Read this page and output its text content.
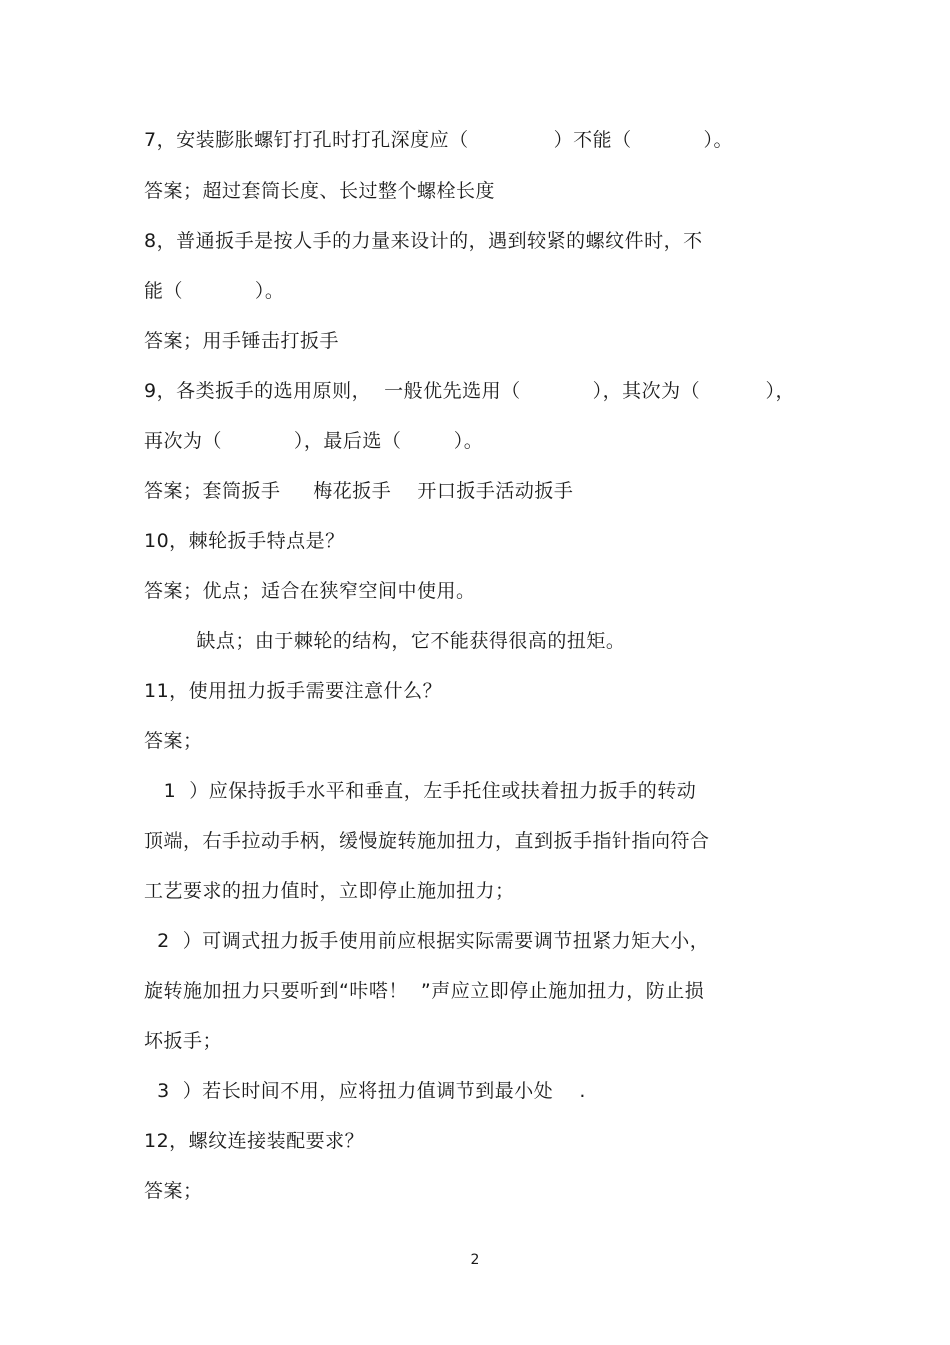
7，安装膨胀螺钉打孔时打孔深度应（             ）不能（           ）。
答案；超过套筒长度、长过整个螺栓长度
8，普通扳手是按人手的力量来设计的，遇到较紧的螺纹件时，不
能（           ）。
答案；用手锤击打扳手
9，各类扳手的选用原则，  一般优先选用（           ），其次为（          ），
再次为（           ），最后选（        ）。
答案；套筒扳手     梅花扳手    开口扳手活动扳手
10，棘轮扳手特点是？
答案；优点；适合在狭窄空间中使用。
缺点；由于棘轮的结构，它不能获得很高的扭矩。
11，使用扭力扳手需要注意什么？
答案；
1  ）应保持扳手水平和垂直，左手托住或扶着扭力扳手的转动
顶端，右手拉动手柄，缓慢旋转施加扭力，直到扳手指针指向符合
工艺要求的扭力值时，立即停止施加扭力；
2  ）可调式扭力扳手使用前应根据实际需要调节扭紧力矩大小，
旋转施加扭力只要听到“咔嗒！  ”声应立即停止施加扭力，防止损
坏扳手；
3  ）若长时间不用，应将扭力值调节到最小处    .
12，螺纹连接装配要求？
答案；
2
